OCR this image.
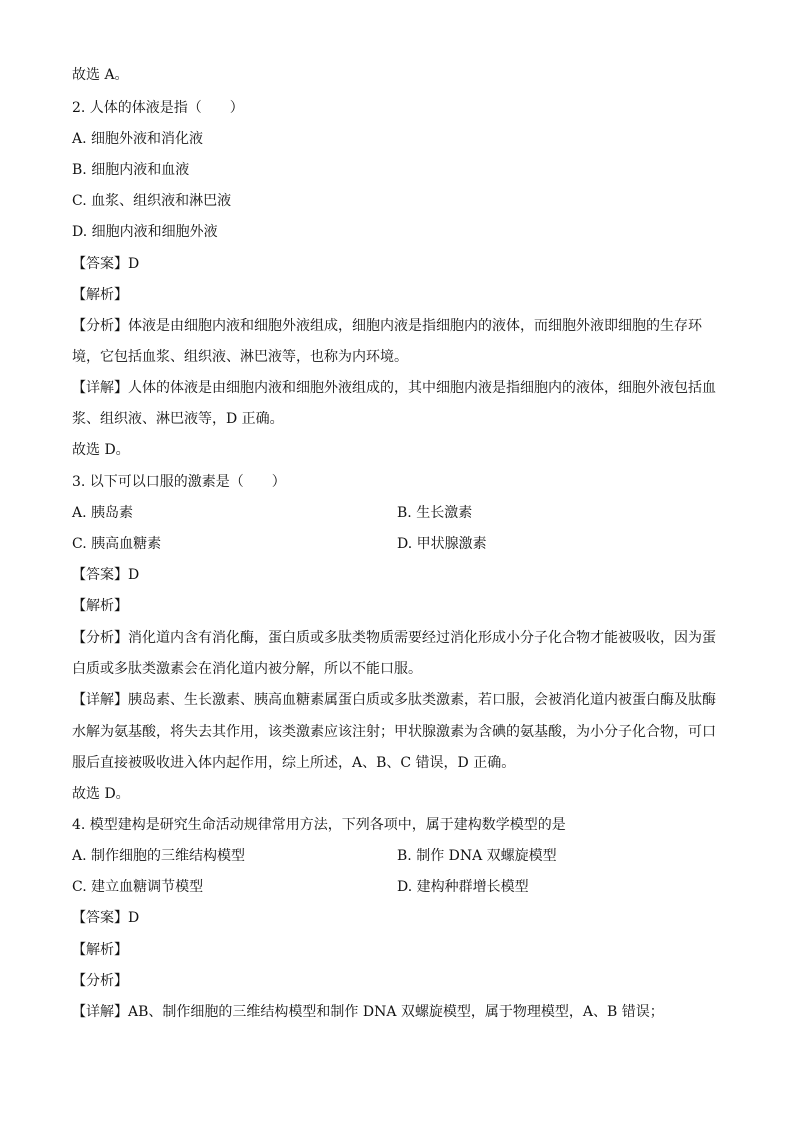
故选 A。
2. 人体的体液是指（　　）
A. 细胞外液和消化液
B. 细胞内液和血液
C. 血浆、组织液和淋巴液
D. 细胞内液和细胞外液
【答案】D
【解析】
【分析】体液是由细胞内液和细胞外液组成，细胞内液是指细胞内的液体，而细胞外液即细胞的生存环
境，它包括血浆、组织液、淋巴液等，也称为内环境。
【详解】人体的体液是由细胞内液和细胞外液组成的，其中细胞内液是指细胞内的液体，细胞外液包括血
浆、组织液、淋巴液等，D 正确。
故选 D。
3. 以下可以口服的激素是（　　）
A. 胰岛素	B. 生长激素
C. 胰高血糖素	D. 甲状腺激素
【答案】D
【解析】
【分析】消化道内含有消化酶，蛋白质或多肽类物质需要经过消化形成小分子化合物才能被吸收，因为蛋
白质或多肽类激素会在消化道内被分解，所以不能口服。
【详解】胰岛素、生长激素、胰高血糖素属蛋白质或多肽类激素，若口服，会被消化道内被蛋白酶及肽酶
水解为氨基酸，将失去其作用，该类激素应该注射；甲状腺激素为含碘的氨基酸，为小分子化合物，可口
服后直接被吸收进入体内起作用，综上所述，A、B、C 错误，D 正确。
故选 D。
4. 模型建构是研究生命活动规律常用方法，下列各项中，属于建构数学模型的是
A. 制作细胞的三维结构模型	B. 制作 DNA 双螺旋模型
C. 建立血糖调节模型	D. 建构种群增长模型
【答案】D
【解析】
【分析】
【详解】AB、制作细胞的三维结构模型和制作 DNA 双螺旋模型，属于物理模型，A、B 错误；
